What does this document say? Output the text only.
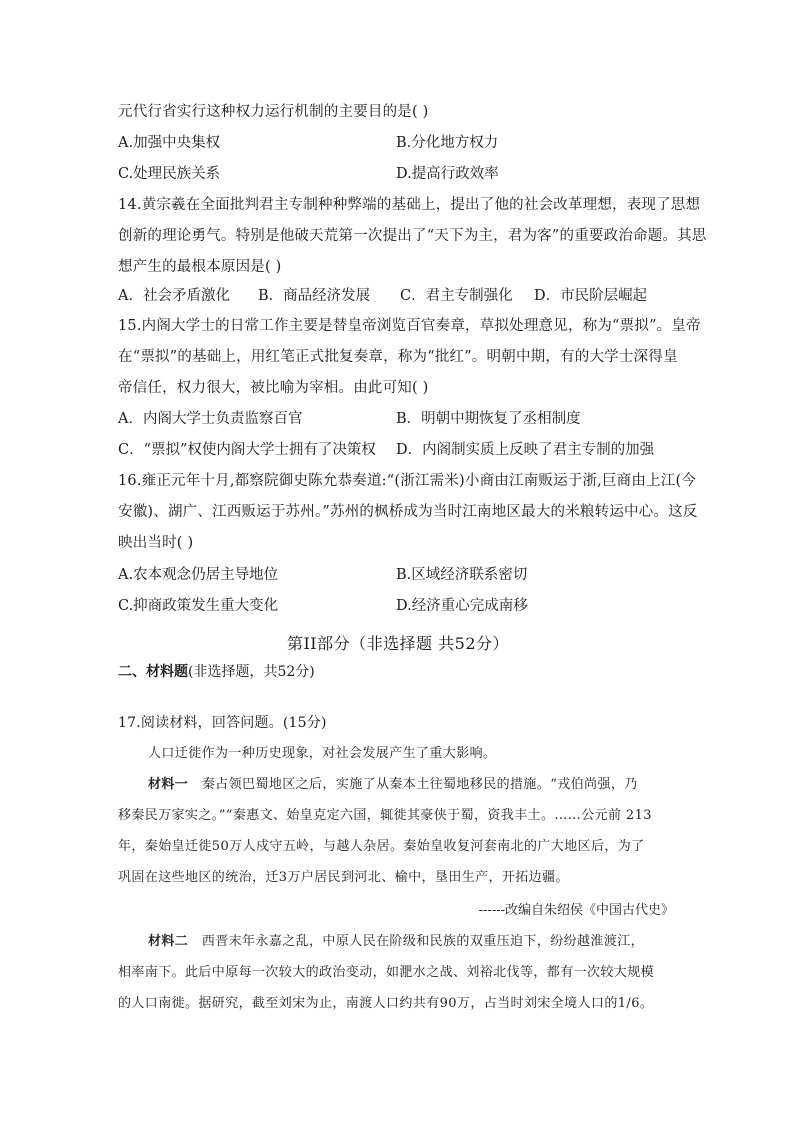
元代行省实行这种权力运行机制的主要目的是( )
A.加强中央集权	B.分化地方权力
C.处理民族关系	D.提高行政效率
14.黄宗羲在全面批判君主专制种种弊端的基础上，提出了他的社会改革理想，表现了思想
创新的理论勇气。特别是他破天荒第一次提出了“天下为主，君为客”的重要政治命题。其思
想产生的最根本原因是( )
A．社会矛盾激化 B．商品经济发展 C．君主专制强化 D．市民阶层崛起
15.内阁大学士的日常工作主要是替皇帝浏览百官奏章，草拟处理意见，称为“票拟”。皇帝
在“票拟”的基础上，用红笔正式批复奏章，称为“批红”。明朝中期，有的大学士深得皇
帝信任，权力很大，被比喻为宰相。由此可知( )
A．内阁大学士负责监察百官	B．明朝中期恢复了丞相制度
C．“票拟”权使内阁大学士拥有了决策权 D．内阁制实质上反映了君主专制的加强
16.雍正元年十月,都察院御史陈允恭奏道:“(浙江需米)小商由江南贩运于浙,巨商由上江(今
安徽)、湖广、江西贩运于苏州。”苏州的枫桥成为当时江南地区最大的米粮转运中心。这反
映出当时( )
A.农本观念仍居主导地位	B.区域经济联系密切
C.抑商政策发生重大变化	D.经济重心完成南移
第II部分（非选择题 共52分）
二、材料题(非选择题，共52分)
17.阅读材料，回答问题。(15分)
人口迁徙作为一种历史现象，对社会发展产生了重大影响。
材料一 秦占领巴蜀地区之后，实施了从秦本土往蜀地移民的措施。“戎伯尚强，乃
移秦民万家实之。”“秦惠文、始皇克定六国，辄徙其豪侠于蜀，资我丰土。……公元前 213
年，秦始皇迁徙50万人戍守五岭，与越人杂居。秦始皇收复河套南北的广大地区后，为了
巩固在这些地区的统治，迁3万户居民到河北、榆中，垦田生产，开拓边疆。
------改编自朱绍侯《中国古代史》
材料二 西晋末年永嘉之乱，中原人民在阶级和民族的双重压迫下，纷纷越淮渡江，
相率南下。此后中原每一次较大的政治变动，如淝水之战、刘裕北伐等，都有一次较大规模
的人口南徙。据研究，截至刘宋为止，南渡人口约共有90万，占当时刘宋全境人口的1/6。
